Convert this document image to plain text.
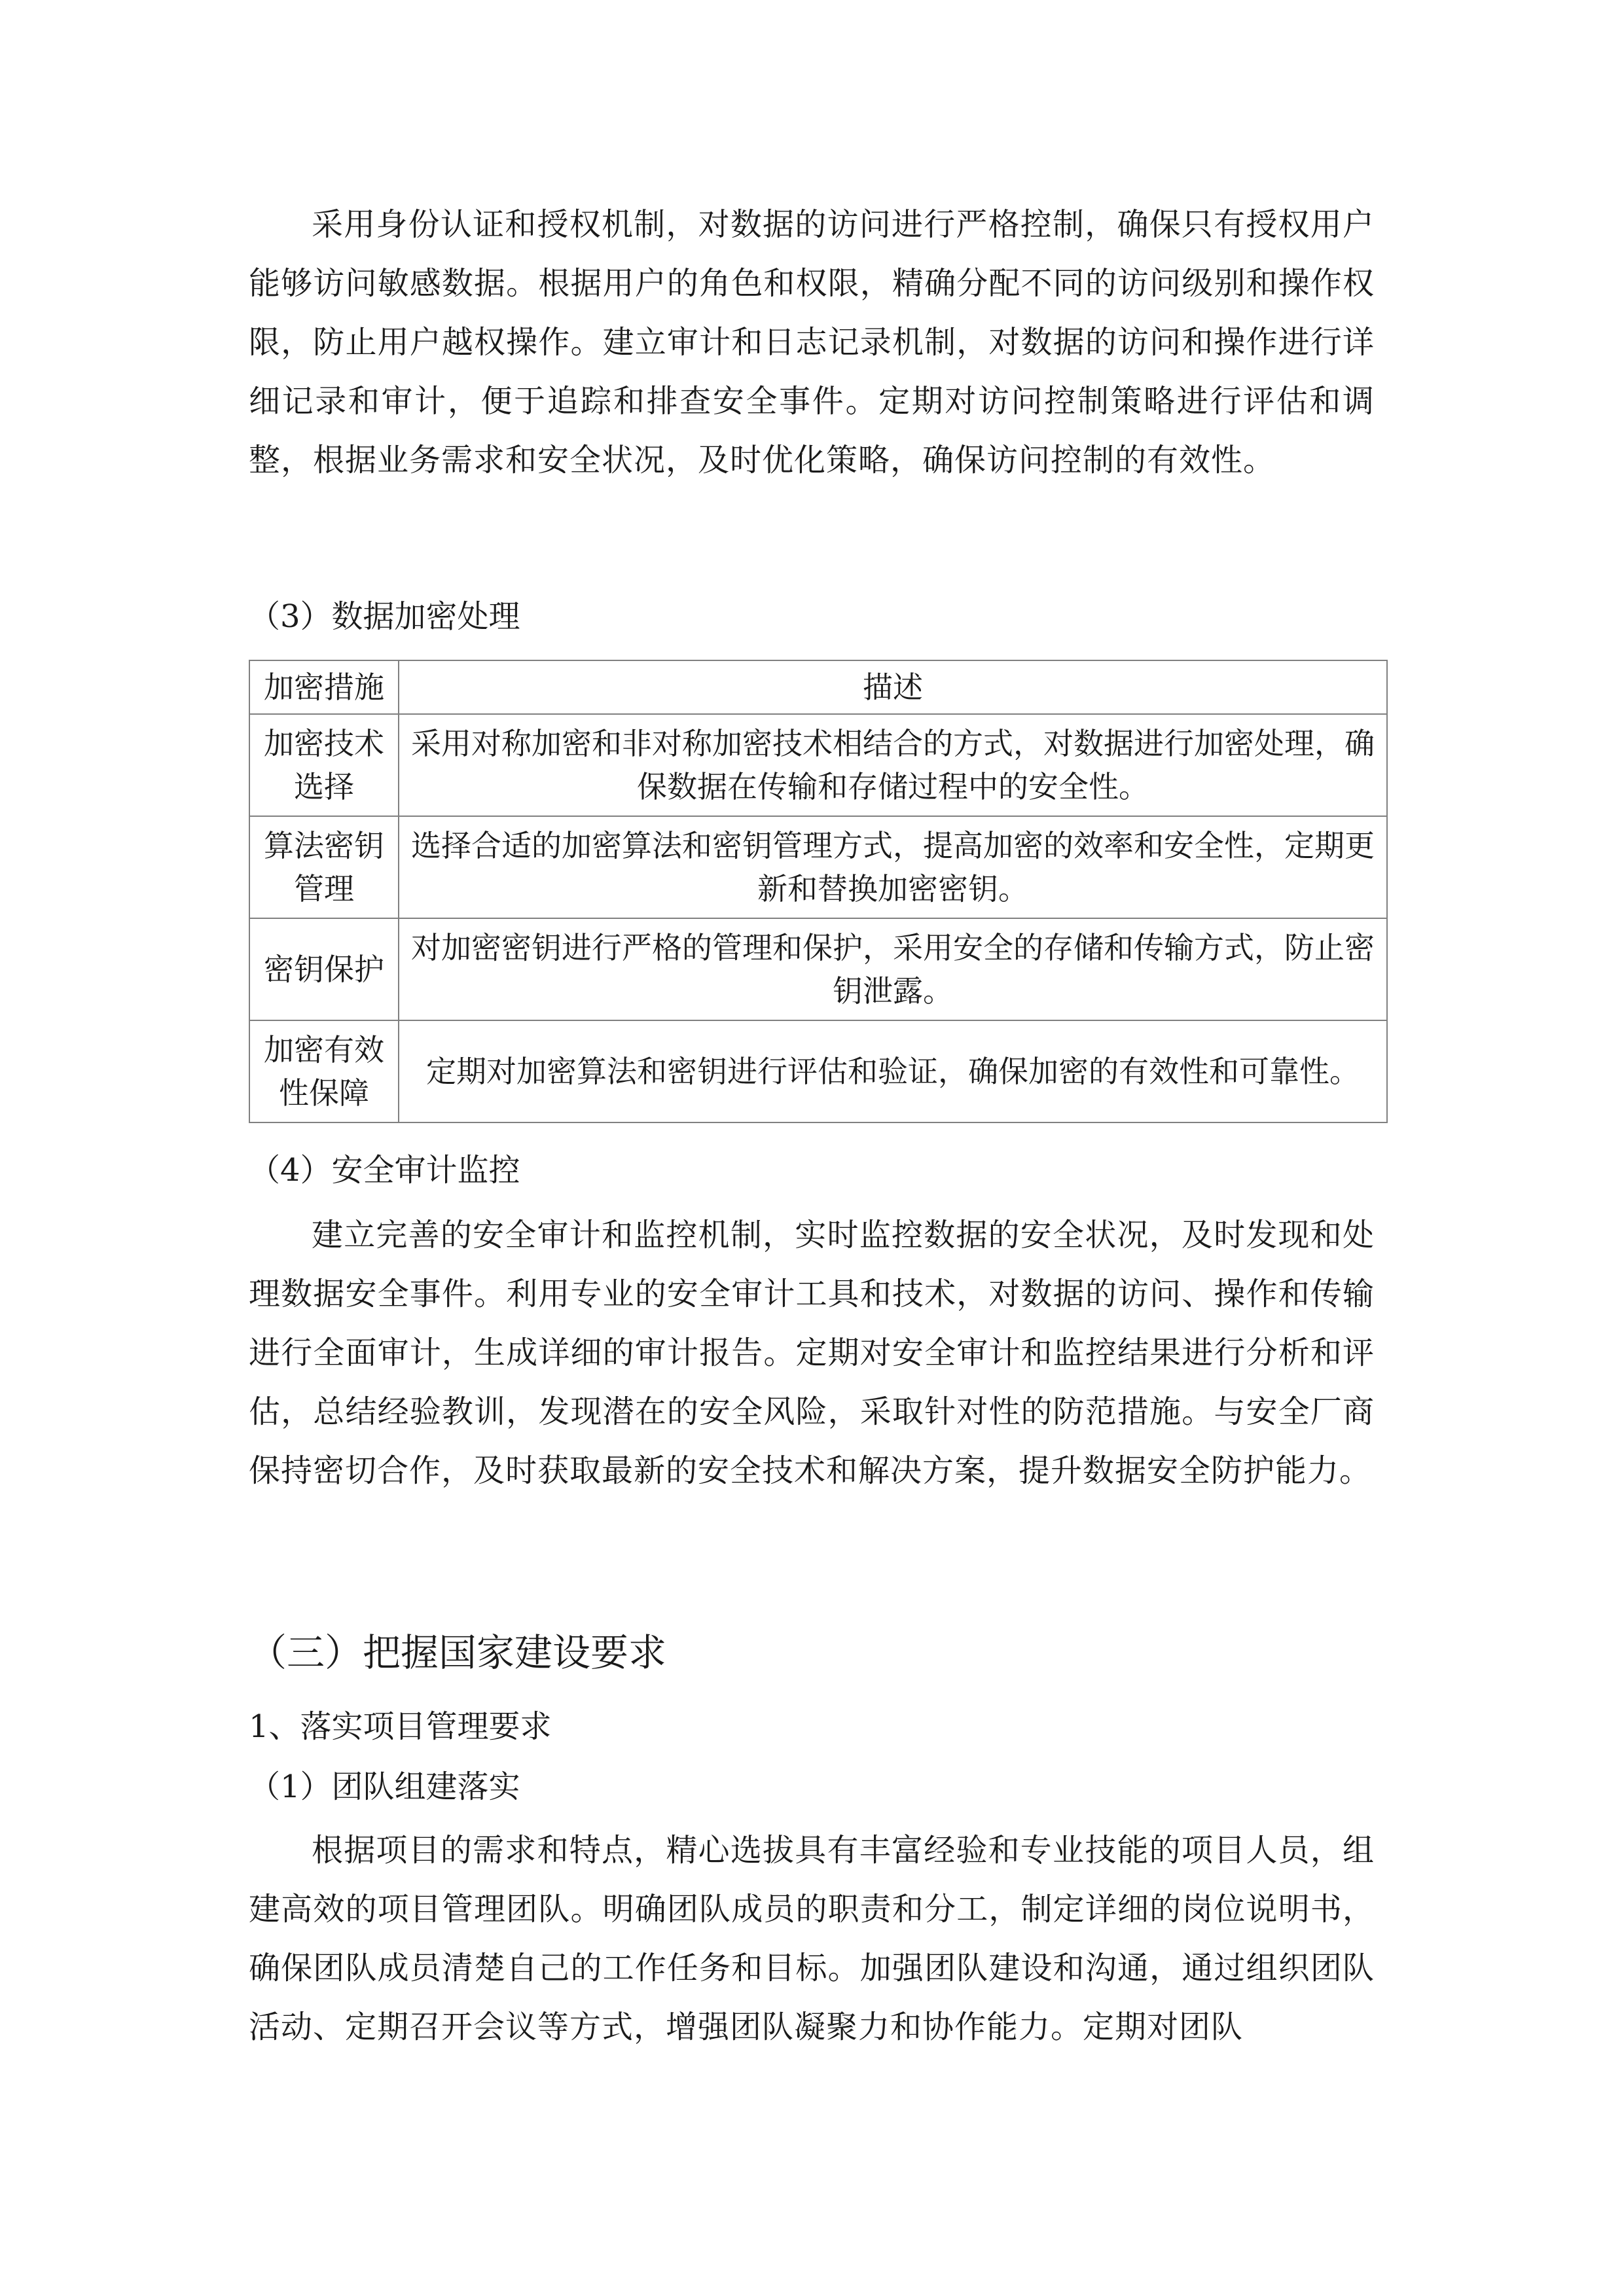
采用身份认证和授权机制，对数据的访问进行严格控制，确保只有授权用户能够访问敏感数据。根据用户的角色和权限，精确分配不同的访问级别和操作权限，防止用户越权操作。建立审计和日志记录机制，对数据的访问和操作进行详细记录和审计，便于追踪和排查安全事件。定期对访问控制策略进行评估和调整，根据业务需求和安全状况，及时优化策略，确保访问控制的有效性。

（3）数据加密处理
加密措施	描述
加密技术选择	采用对称加密和非对称加密技术相结合的方式，对数据进行加密处理，确保数据在传输和存储过程中的安全性。
算法密钥管理	选择合适的加密算法和密钥管理方式，提高加密的效率和安全性，定期更新和替换加密密钥。
密钥保护	对加密密钥进行严格的管理和保护，采用安全的存储和传输方式，防止密钥泄露。
加密有效性保障	定期对加密算法和密钥进行评估和验证，确保加密的有效性和可靠性。
（4）安全审计监控

建立完善的安全审计和监控机制，实时监控数据的安全状况，及时发现和处理数据安全事件。利用专业的安全审计工具和技术，对数据的访问、操作和传输进行全面审计，生成详细的审计报告。定期对安全审计和监控结果进行分析和评估，总结经验教训，发现潜在的安全风险，采取针对性的防范措施。与安全厂商保持密切合作，及时获取最新的安全技术和解决方案，提升数据安全防护能力。

（三）把握国家建设要求
1、落实项目管理要求
（1）团队组建落实

根据项目的需求和特点，精心选拔具有丰富经验和专业技能的项目人员，组建高效的项目管理团队。明确团队成员的职责和分工，制定详细的岗位说明书，确保团队成员清楚自己的工作任务和目标。加强团队建设和沟通，通过组织团队活动、定期召开会议等方式，增强团队凝聚力和协作能力。定期对团队
